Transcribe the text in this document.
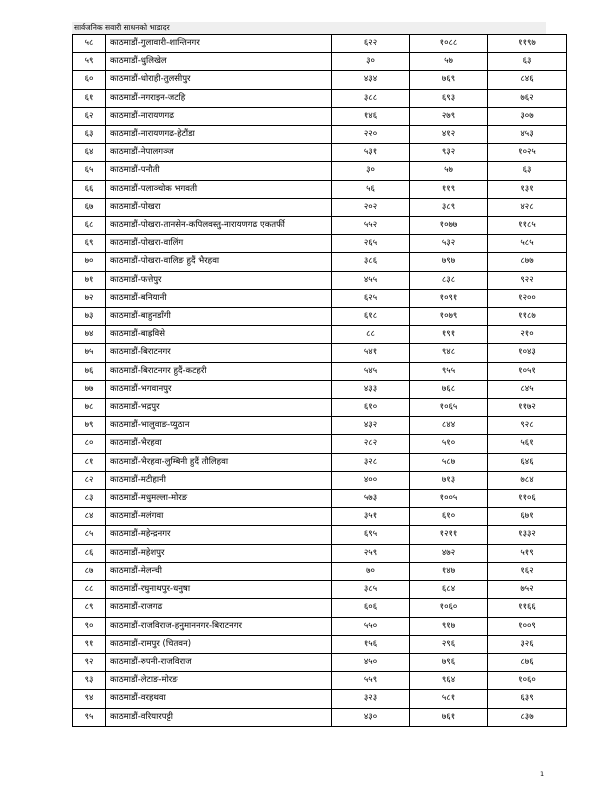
सार्वजनिक सवारी साधनको भाडादर
५८	काठमाडौं-गुलावारी-शान्तिनगर	६२२	१०८८	११९७
५९	काठमाडौं-धुलिखेल	३०	५७	६३
६०	काठमाडौं-धोराही-तुलसीपुर	४३४	७६९	८४६
६१	काठमाडौं-नगराइन-जटहि	३८८	६९३	७६२
६२	काठमाडौं-नारायणगढ	१४६	२७९	३०७
६३	काठमाडौं-नारायणगढ-हेटौंडा	२२०	४१२	४५३
६४	काठमाडौं-नेपालगञ्ज	५३१	९३२	१०२५
६५	काठमाडौं-पनौती	३०	५७	६३
६६	काठमाडौं-पलाञ्चोक भगवती	५६	११९	१३१
६७	काठमाडौं-पोखरा	२०२	३८९	४२८
६८	काठमाडौं-पोखरा-तानसेन-कपिलवस्तु-नारायणगढ एकतर्फी	५५२	१०७७	११८५
६९	काठमाडौं-पोखरा-वालिंग	२६५	५३२	५८५
७०	काठमाडौं-पोखरा-वालिङ हुदैं भैरहवा	३८६	७९७	८७७
७१	काठमाडौं-फत्तेपुर	४५५	८३८	९२२
७२	काठमाडौं-बनियानी	६२५	१०९१	१२००
७३	काठमाडौं-बाहुनडाँगी	६१८	१०७९	११८७
७४	काठमाडौं-बाह्रविसे	८८	१९१	२१०
७५	काठमाडौं-बिराटनगर	५४१	९४८	१०४३
७६	काठमाडौं-बिराटनगर हुदैं-कटहरी	५४५	९५५	१०५१
७७	काठमाडौं-भगवानपुर	४३३	७६८	८४५
७८	काठमाडौं-भद्रपुर	६१०	१०६५	११७२
७९	काठमाडौं-भालुवाङ-प्युठान	४३२	८४४	९२८
८०	काठमाडौं-भैरहवा	२८२	५१०	५६१
८१	काठमाडौं-भैरहवा-लुम्बिनी हुदैं तौलिहवा	३२८	५८७	६४६
८२	काठमाडौं-मटीहानी	४००	७१३	७८४
८३	काठमाडौं-मधुमल्ला-मोरङ	५७३	१००५	११०६
८४	काठमाडौं-मलंगवा	३५१	६१०	६७१
८५	काठमाडौं-महेन्द्रनगर	६९५	१२११	१३३२
८६	काठमाडौं-महेशपुर	२५९	४७२	५१९
८७	काठमाडौं-मेलन्ची	७०	१४७	१६२
८८	काठमाडौं-रघुनाथपुर-धनुषा	३८५	६८४	७५२
८९	काठमाडौं-राजगढ	६०६	१०६०	११६६
९०	काठमाडौं-राजविराज-हनुमाननगर-बिराटनगर	५५०	९१७	१००९
९१	काठमाडौं-रामपुर (चितवन)	१५६	२९६	३२६
९२	काठमाडौं-रुपनी-राजविराज	४५०	७९६	८७६
९३	काठमाडौं-लेटाङ-मोरङ	५५९	९६४	१०६०
९४	काठमाडौं-वरहथवा	३२३	५८१	६३९
९५	काठमाडौं-वरियारपट्टी	४३०	७६१	८३७
1
